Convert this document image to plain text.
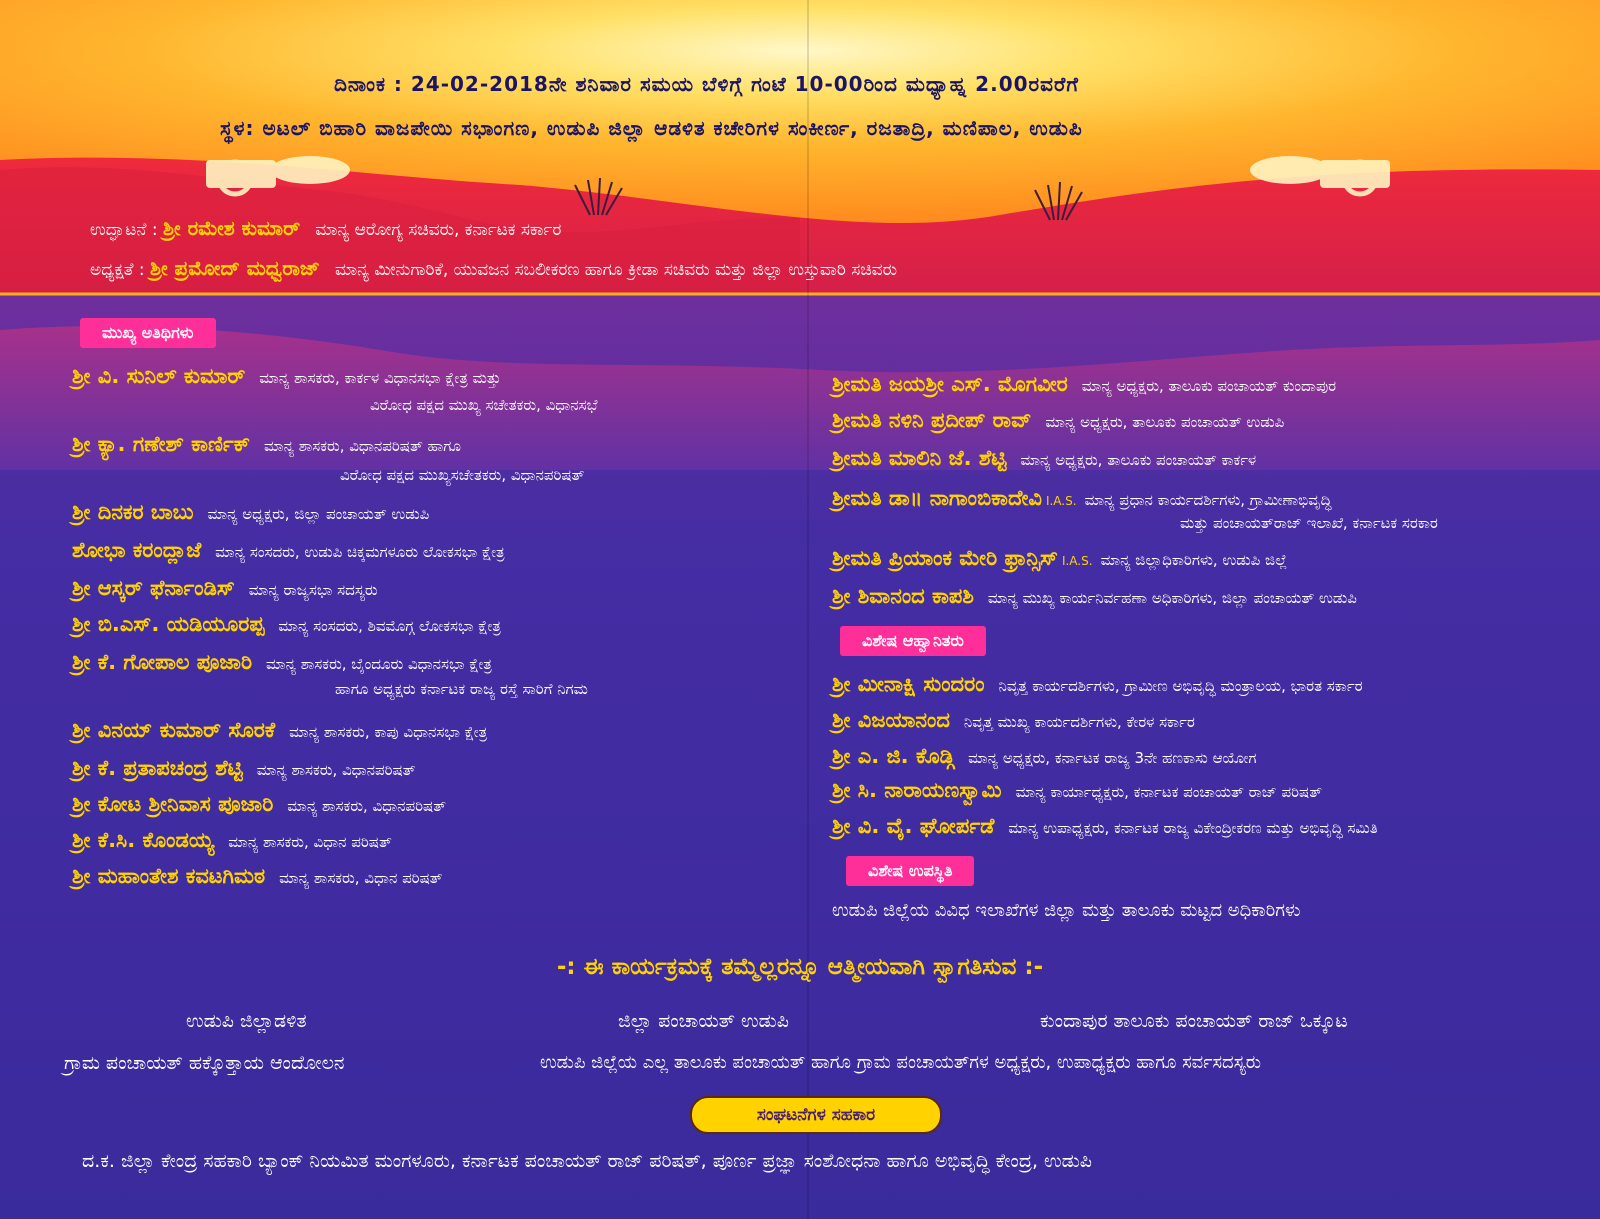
ದಿನಾಂಕ : 24-02-2018ನೇ ಶನಿವಾರ ಸಮಯ ಬೆಳಿಗ್ಗೆ ಗಂಟೆ 10-00ರಿಂದ ಮಧ್ಯಾಹ್ನ 2.00ರವರೆಗೆ
ಸ್ಥಳ: ಅಟಲ್ ಬಿಹಾರಿ ವಾಜಪೇಯಿ ಸಭಾಂಗಣ, ಉಡುಪಿ ಜಿಲ್ಲಾ ಆಡಳಿತ ಕಚೇರಿಗಳ ಸಂಕೀರ್ಣ, ರಜತಾದ್ರಿ, ಮಣಿಪಾಲ, ಉಡುಪಿ
ಉದ್ಘಾಟನೆ : ಶ್ರೀ ರಮೇಶ ಕುಮಾರ್ ಮಾನ್ಯ ಆರೋಗ್ಯ ಸಚಿವರು, ಕರ್ನಾಟಕ ಸರ್ಕಾರ
ಅಧ್ಯಕ್ಷತೆ : ಶ್ರೀ ಪ್ರಮೋದ್ ಮಧ್ವರಾಜ್ ಮಾನ್ಯ ಮೀನುಗಾರಿಕೆ, ಯುವಜನ ಸಬಲೀಕರಣ ಹಾಗೂ ಕ್ರೀಡಾ ಸಚಿವರು ಮತ್ತು ಜಿಲ್ಲಾ ಉಸ್ತುವಾರಿ ಸಚಿವರು
ಮುಖ್ಯ ಅತಿಥಿಗಳು
ಶ್ರೀ ವಿ. ಸುನಿಲ್ ಕುಮಾರ್ ಮಾನ್ಯ ಶಾಸಕರು, ಕಾರ್ಕಳ ವಿಧಾನಸಭಾ ಕ್ಷೇತ್ರ ಮತ್ತು
ವಿರೋಧ ಪಕ್ಷದ ಮುಖ್ಯ ಸಚೇತಕರು, ವಿಧಾನಸಭೆ
ಶ್ರೀ ಕ್ಯಾ. ಗಣೇಶ್ ಕಾರ್ಣಿಕ್ ಮಾನ್ಯ ಶಾಸಕರು, ವಿಧಾನಪರಿಷತ್ ಹಾಗೂ
ವಿರೋಧ ಪಕ್ಷದ ಮುಖ್ಯಸಚೇತಕರು, ವಿಧಾನಪರಿಷತ್
ಶ್ರೀ ದಿನಕರ ಬಾಬು ಮಾನ್ಯ ಅಧ್ಯಕ್ಷರು, ಜಿಲ್ಲಾ ಪಂಚಾಯತ್ ಉಡುಪಿ
ಶೋಭಾ ಕರಂದ್ಲಾಜೆ ಮಾನ್ಯ ಸಂಸದರು, ಉಡುಪಿ ಚಿಕ್ಕಮಗಳೂರು ಲೋಕಸಭಾ ಕ್ಷೇತ್ರ
ಶ್ರೀ ಆಸ್ಕರ್ ಫೆರ್ನಾಂಡಿಸ್ ಮಾನ್ಯ ರಾಜ್ಯಸಭಾ ಸದಸ್ಯರು
ಶ್ರೀ ಬಿ.ಎಸ್. ಯಡಿಯೂರಪ್ಪ ಮಾನ್ಯ ಸಂಸದರು, ಶಿವಮೊಗ್ಗ ಲೋಕಸಭಾ ಕ್ಷೇತ್ರ
ಶ್ರೀ ಕೆ. ಗೋಪಾಲ ಪೂಜಾರಿ ಮಾನ್ಯ ಶಾಸಕರು, ಬೈಂದೂರು ವಿಧಾನಸಭಾ ಕ್ಷೇತ್ರ
ಹಾಗೂ ಅಧ್ಯಕ್ಷರು ಕರ್ನಾಟಕ ರಾಜ್ಯ ರಸ್ತೆ ಸಾರಿಗೆ ನಿಗಮ
ಶ್ರೀ ವಿನಯ್ ಕುಮಾರ್ ಸೊರಕೆ ಮಾನ್ಯ ಶಾಸಕರು, ಕಾಪು ವಿಧಾನಸಭಾ ಕ್ಷೇತ್ರ
ಶ್ರೀ ಕೆ. ಪ್ರತಾಪಚಂದ್ರ ಶೆಟ್ಟಿ ಮಾನ್ಯ ಶಾಸಕರು, ವಿಧಾನಪರಿಷತ್
ಶ್ರೀ ಕೋಟ ಶ್ರೀನಿವಾಸ ಪೂಜಾರಿ ಮಾನ್ಯ ಶಾಸಕರು, ವಿಧಾನಪರಿಷತ್
ಶ್ರೀ ಕೆ.ಸಿ. ಕೊಂಡಯ್ಯ ಮಾನ್ಯ ಶಾಸಕರು, ವಿಧಾನ ಪರಿಷತ್
ಶ್ರೀ ಮಹಾಂತೇಶ ಕವಟಗಿಮಠ ಮಾನ್ಯ ಶಾಸಕರು, ವಿಧಾನ ಪರಿಷತ್
ಶ್ರೀಮತಿ ಜಯಶ್ರೀ ಎಸ್. ಮೊಗವೀರ ಮಾನ್ಯ ಅಧ್ಯಕ್ಷರು, ತಾಲೂಕು ಪಂಚಾಯತ್ ಕುಂದಾಪುರ
ಶ್ರೀಮತಿ ನಳಿನಿ ಪ್ರದೀಪ್ ರಾವ್ ಮಾನ್ಯ ಅಧ್ಯಕ್ಷರು, ತಾಲೂಕು ಪಂಚಾಯತ್ ಉಡುಪಿ
ಶ್ರೀಮತಿ ಮಾಲಿನಿ ಜೆ. ಶೆಟ್ಟಿ ಮಾನ್ಯ ಅಧ್ಯಕ್ಷರು, ತಾಲೂಕು ಪಂಚಾಯತ್ ಕಾರ್ಕಳ
ಶ್ರೀಮತಿ ಡಾ॥ ನಾಗಾಂಬಿಕಾದೇವಿ I.A.S. ಮಾನ್ಯ ಪ್ರಧಾನ ಕಾರ್ಯದರ್ಶಿಗಳು, ಗ್ರಾಮೀಣಾಭಿವೃದ್ಧಿ
ಮತ್ತು ಪಂಚಾಯತ್‌ರಾಜ್ ಇಲಾಖೆ, ಕರ್ನಾಟಕ ಸರಕಾರ
ಶ್ರೀಮತಿ ಪ್ರಿಯಾಂಕ ಮೇರಿ ಫ್ರಾನ್ಸಿಸ್ I.A.S. ಮಾನ್ಯ ಜಿಲ್ಲಾಧಿಕಾರಿಗಳು, ಉಡುಪಿ ಜಿಲ್ಲೆ
ಶ್ರೀ ಶಿವಾನಂದ ಕಾಪಶಿ ಮಾನ್ಯ ಮುಖ್ಯ ಕಾರ್ಯನಿರ್ವಹಣಾ ಅಧಿಕಾರಿಗಳು, ಜಿಲ್ಲಾ ಪಂಚಾಯತ್ ಉಡುಪಿ
ವಿಶೇಷ ಆಹ್ವಾನಿತರು
ಶ್ರೀ ಮೀನಾಕ್ಷಿ ಸುಂದರಂ ನಿವೃತ್ತ ಕಾರ್ಯದರ್ಶಿಗಳು, ಗ್ರಾಮೀಣ ಅಭಿವೃದ್ಧಿ ಮಂತ್ರಾಲಯ, ಭಾರತ ಸರ್ಕಾರ
ಶ್ರೀ ವಿಜಯಾನಂದ ನಿವೃತ್ತ ಮುಖ್ಯ ಕಾರ್ಯದರ್ಶಿಗಳು, ಕೇರಳ ಸರ್ಕಾರ
ಶ್ರೀ ಎ. ಜಿ. ಕೊಡ್ಗಿ ಮಾನ್ಯ ಅಧ್ಯಕ್ಷರು, ಕರ್ನಾಟಕ ರಾಜ್ಯ 3ನೇ ಹಣಕಾಸು ಆಯೋಗ
ಶ್ರೀ ಸಿ. ನಾರಾಯಣಸ್ವಾಮಿ ಮಾನ್ಯ ಕಾರ್ಯಾಧ್ಯಕ್ಷರು, ಕರ್ನಾಟಕ ಪಂಚಾಯತ್ ರಾಜ್ ಪರಿಷತ್
ಶ್ರೀ ವಿ. ವೈ. ಘೋರ್ಪಡೆ ಮಾನ್ಯ ಉಪಾಧ್ಯಕ್ಷರು, ಕರ್ನಾಟಕ ರಾಜ್ಯ ವಿಕೇಂದ್ರೀಕರಣ ಮತ್ತು ಅಭಿವೃದ್ಧಿ ಸಮಿತಿ
ವಿಶೇಷ ಉಪಸ್ಥಿತಿ
ಉಡುಪಿ ಜಿಲ್ಲೆಯ ವಿವಿಧ ಇಲಾಖೆಗಳ ಜಿಲ್ಲಾ ಮತ್ತು ತಾಲೂಕು ಮಟ್ಟದ ಅಧಿಕಾರಿಗಳು
-: ಈ ಕಾರ್ಯಕ್ರಮಕ್ಕೆ ತಮ್ಮೆಲ್ಲರನ್ನೂ ಆತ್ಮೀಯವಾಗಿ ಸ್ವಾಗತಿಸುವ :-
ಉಡುಪಿ ಜಿಲ್ಲಾಡಳಿತ	ಜಿಲ್ಲಾ ಪಂಚಾಯತ್ ಉಡುಪಿ	ಕುಂದಾಪುರ ತಾಲೂಕು ಪಂಚಾಯತ್ ರಾಜ್ ಒಕ್ಕೂಟ
ಗ್ರಾಮ ಪಂಚಾಯತ್ ಹಕ್ಕೊತ್ತಾಯ ಆಂದೋಲನ	ಉಡುಪಿ ಜಿಲ್ಲೆಯ ಎಲ್ಲ ತಾಲೂಕು ಪಂಚಾಯತ್ ಹಾಗೂ ಗ್ರಾಮ ಪಂಚಾಯತ್‌ಗಳ ಅಧ್ಯಕ್ಷರು, ಉಪಾಧ್ಯಕ್ಷರು ಹಾಗೂ ಸರ್ವಸದಸ್ಯರು
ಸಂಘಟನೆಗಳ ಸಹಕಾರ
ದ.ಕ. ಜಿಲ್ಲಾ ಕೇಂದ್ರ ಸಹಕಾರಿ ಬ್ಯಾಂಕ್ ನಿಯಮಿತ ಮಂಗಳೂರು, ಕರ್ನಾಟಕ ಪಂಚಾಯತ್ ರಾಜ್ ಪರಿಷತ್, ಪೂರ್ಣ ಪ್ರಜ್ಞಾ ಸಂಶೋಧನಾ ಹಾಗೂ ಅಭಿವೃದ್ಧಿ ಕೇಂದ್ರ, ಉಡುಪಿ
